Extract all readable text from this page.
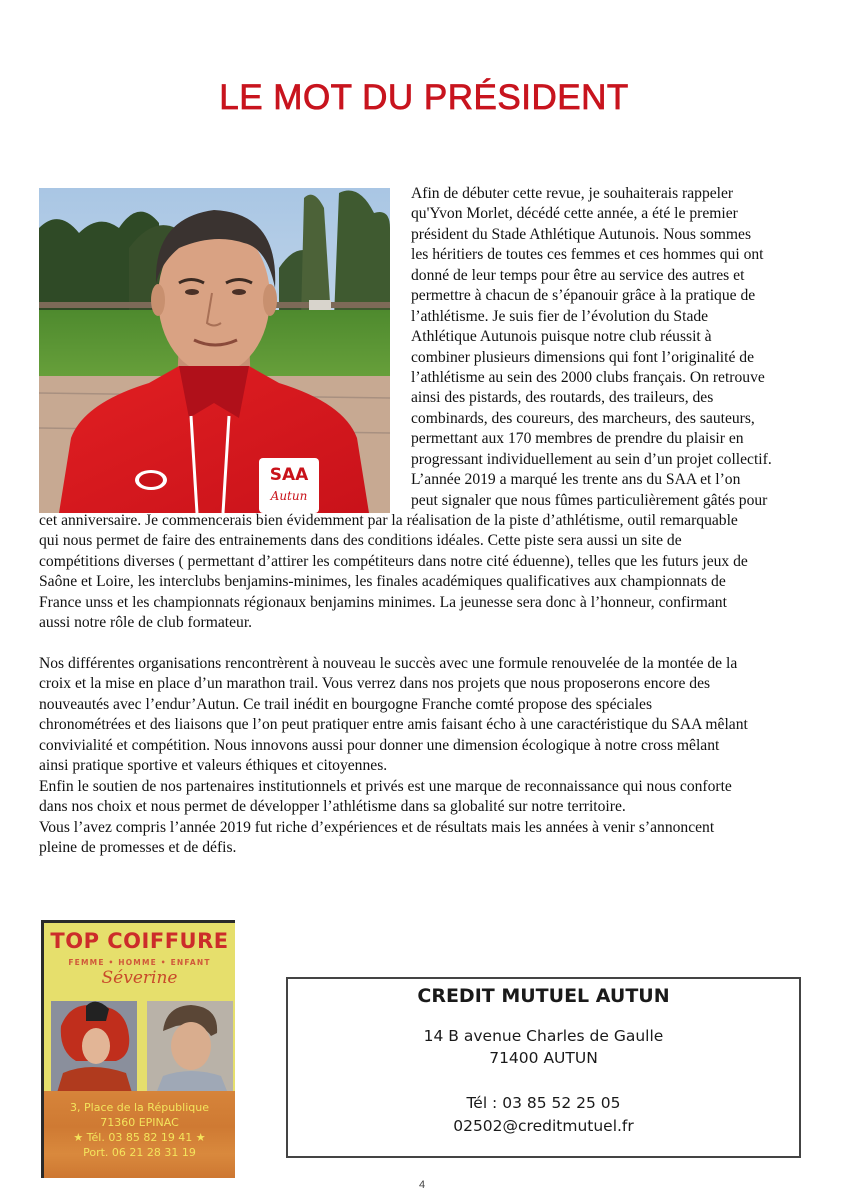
LE MOT DU PRÉSIDENT
SAA
Autun
Afin de débuter cette revue, je souhaiterais rappeler
qu'Yvon Morlet, décédé cette année, a été le premier
président du Stade Athlétique Autunois. Nous sommes
les héritiers de toutes ces femmes et ces hommes qui ont
donné de leur temps pour être au service des autres et
permettre à chacun de s’épanouir grâce à la pratique de
l’athlétisme. Je suis fier de l’évolution du Stade
Athlétique Autunois puisque notre club réussit à
combiner plusieurs dimensions qui font l’originalité de
l’athlétisme au sein des 2000 clubs français. On retrouve
ainsi des pistards, des routards, des traileurs, des
combinards, des coureurs, des marcheurs, des sauteurs,
permettant aux 170 membres de prendre du plaisir en
progressant individuellement au sein d’un projet collectif.
L’année 2019 a marqué les trente ans du SAA et l’on
peut signaler que nous fûmes particulièrement gâtés pour
cet anniversaire. Je commencerais bien évidemment par la réalisation de la piste d’athlétisme, outil remarquable
qui nous permet de faire des entrainements dans des conditions idéales. Cette piste sera aussi un site de
compétitions diverses ( permettant d’attirer les compétiteurs dans notre cité éduenne), telles que les futurs jeux de
Saône et Loire, les interclubs benjamins-minimes, les finales académiques qualificatives aux championnats de
France unss et les championnats régionaux benjamins minimes. La jeunesse sera donc à l’honneur, confirmant
aussi notre rôle de club formateur.
Nos différentes organisations rencontrèrent à nouveau le succès avec une formule renouvelée de la montée de la
croix et la mise en place d’un marathon trail. Vous verrez dans nos projets que nous proposerons encore des
nouveautés avec l’endur’Autun. Ce trail inédit en bourgogne Franche comté propose des spéciales
chronométrées et des liaisons que l’on peut pratiquer entre amis faisant écho à une caractéristique du SAA mêlant
convivialité et compétition. Nous innovons aussi pour donner une dimension écologique à notre cross mêlant
ainsi pratique sportive et valeurs éthiques et citoyennes.
Enfin le soutien de nos partenaires institutionnels et privés est une marque de reconnaissance qui nous conforte
dans nos choix et nous permet de développer l’athlétisme dans sa globalité sur notre territoire.
Vous l’avez compris l’année 2019 fut riche d’expériences et de résultats mais les années à venir s’annoncent
pleine de promesses et de défis.
TOP COIFFURE
FEMME • HOMME • ENFANT
Séverine
3, Place de la République
71360 EPINAC
★ Tél. 03 85 82 19 41 ★
Port. 06 21 28 31 19
CREDIT MUTUEL AUTUN
14 B avenue Charles de Gaulle
71400 AUTUN
Tél : 03 85 52 25 05
02502@creditmutuel.fr
4
